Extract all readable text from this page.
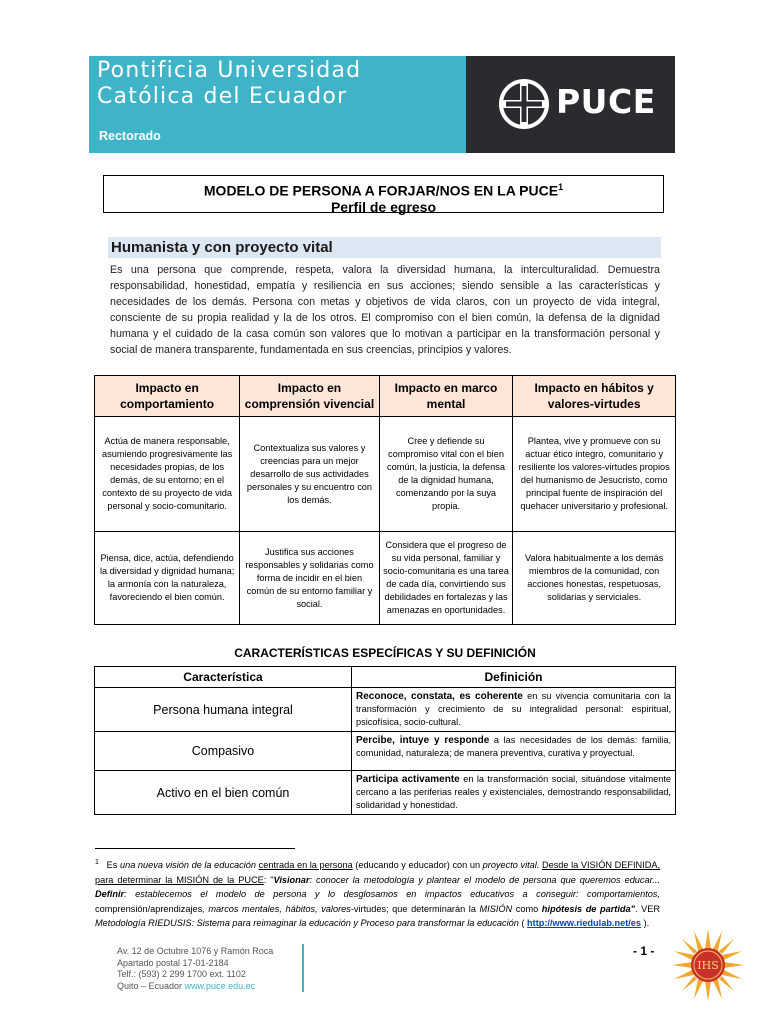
Pontificia Universidad
Católica del Ecuador
Rectorado
PUCE
MODELO DE PERSONA A FORJAR/NOS EN LA PUCE$^1$
Perfil de egreso
Humanista y con proyecto vital
Es una persona que comprende, respeta, valora la diversidad humana, la interculturalidad. Demuestra responsabilidad, honestidad, empatía y resiliencia en sus acciones; siendo sensible a las características y necesidades de los demás. Persona con metas y objetivos de vida claros, con un proyecto de vida integral, consciente de su propia realidad y la de los otros. El compromiso con el bien común, la defensa de la dignidad humana y el cuidado de la casa común son valores que lo motivan a participar en la transformación personal y social de manera transparente, fundamentada en sus creencias, principios y valores.
Impacto en comportamiento	Impacto en comprensión vivencial	Impacto en marco mental	Impacto en hábitos y valores-virtudes
Actúa de manera responsable, asumiendo progresivamente las necesidades propias, de los demás, de su entorno; en el contexto de su proyecto de vida personal y socio-comunitario.	Contextualiza sus valores y creencias para un mejor desarrollo de sus actividades personales y su encuentro con los demás.	Cree y defiende su compromiso vital con el bien común, la justicia, la defensa de la dignidad humana, comenzando por la suya propia.	Plantea, vive y promueve con su actuar ético integro, comunitario y resiliente los valores-virtudes propios del humanismo de Jesucristo, como principal fuente de inspiración del quehacer universitario y profesional.
Piensa, dice, actúa, defendiendo la diversidad y dignidad humana; la armonía con la naturaleza, favoreciendo el bien común.	Justifica sus acciones responsables y solidarias como forma de incidir en el bien común de su entorno familiar y social.	Considera que el progreso de su vida personal, familiar y socio-comunitaria es una tarea de cada día, convirtiendo sus debilidades en fortalezas y las amenazas en oportunidades.	Valora habitualmente a los demás miembros de la comunidad, con acciones honestas, respetuosas, solidarias y serviciales.
CARACTERÍSTICAS ESPECÍFICAS Y SU DEFINICIÓN
Característica	Definición
Persona humana integral	Reconoce, constata, es coherente en su vivencia comunitaria con la transformación y crecimiento de su integralidad personal: espiritual, psicofísica, socio-cultural.
Compasivo	Percibe, intuye y responde a las necesidades de los demás: familia, comunidad, naturaleza; de manera preventiva, curativa y proyectual.
Activo en el bien común	Participa activamente en la transformación social, situándose vitalmente cercano a las periferias reales y existenciales, demostrando responsabilidad, solidaridad y honestidad.
$^1$ Es una nueva visión de la educación centrada en la persona (educando y educador) con un proyecto vital. Desde la VISIÓN DEFINIDA, para determinar la MISIÓN de la PUCE: "Visionar: conocer la metodología y plantear el modelo de persona que queremos educar... Definir: establecemos el modelo de persona y lo desglosamos en impactos educativos a conseguir: comportamientos, comprensión/aprendizajes, marcos mentales, hábitos, valores-virtudes; que determinarán la MISIÓN como hipótesis de partida". VER Metodología RIEDUSIS: Sistema para reimaginar la educación y Proceso para transformar la educación ( http://www.riedulab.net/es ).
Av. 12 de Octubre 1076 y Ramón Roca
Apartado postal 17-01-2184
Telf.: (593) 2 299 1700 ext. 1102
Quito – Ecuador www.puce.edu.ec
- 1 -
IHS
